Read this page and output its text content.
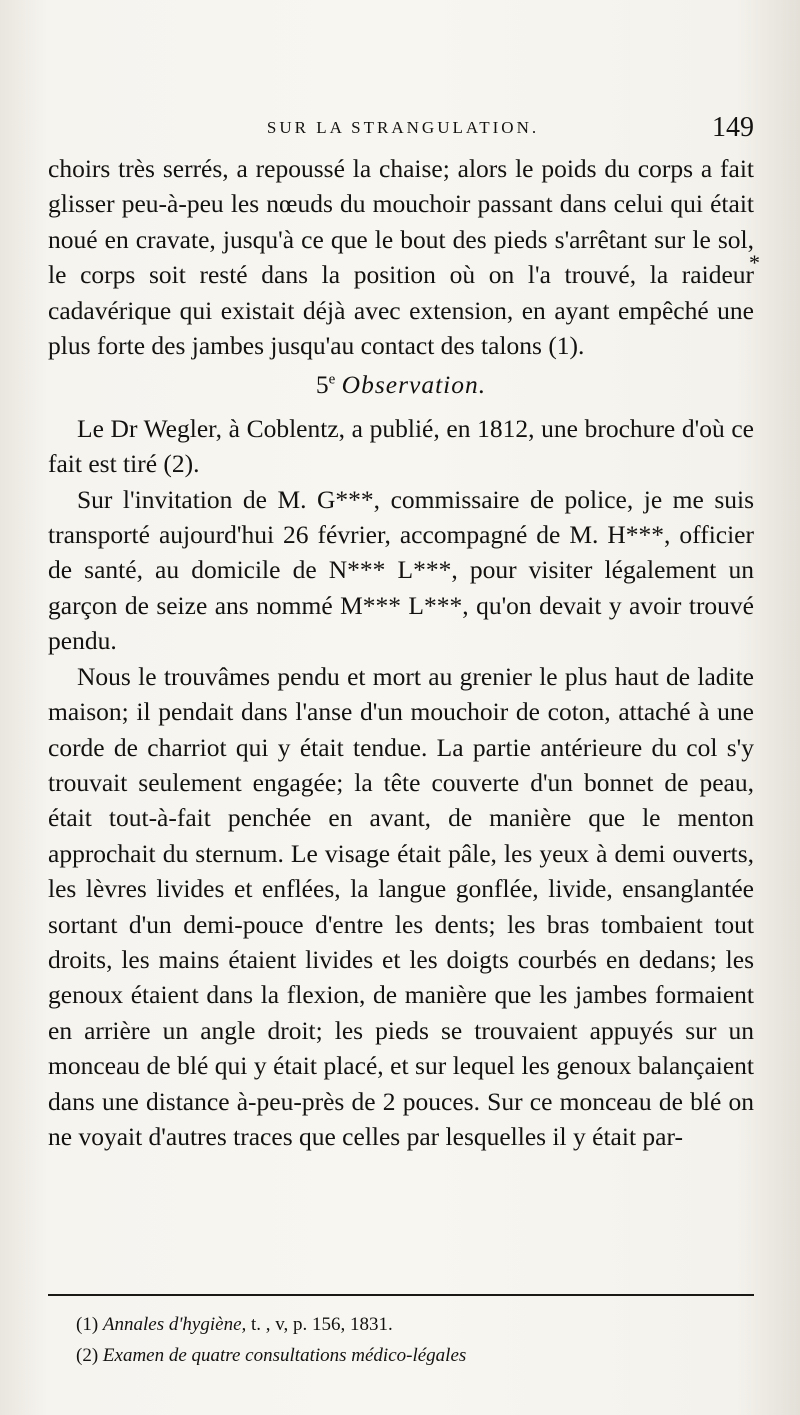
SUR LA STRANGULATION.	149
*

choirs très serrés, a repoussé la chaise; alors le poids du corps a fait glisser peu-à-peu les nœuds du mouchoir passant dans celui qui était noué en cravate, jusqu'à ce que le bout des pieds s'arrêtant sur le sol, le corps soit resté dans la position où on l'a trouvé, la raideur cadavérique qui existait déjà avec extension, en ayant empêché une plus forte des jambes jusqu'au contact des talons (1).

5e Observation.

Le Dr Wegler, à Coblentz, a publié, en 1812, une brochure d'où ce fait est tiré (2).

Sur l'invitation de M. G***, commissaire de police, je me suis transporté aujourd'hui 26 février, accompagné de M. H***, officier de santé, au domicile de N*** L***, pour visiter légalement un garçon de seize ans nommé M*** L***, qu'on devait y avoir trouvé pendu.

Nous le trouvâmes pendu et mort au grenier le plus haut de ladite maison; il pendait dans l'anse d'un mouchoir de coton, attaché à une corde de charriot qui y était tendue. La partie antérieure du col s'y trouvait seulement engagée; la tête couverte d'un bonnet de peau, était tout-à-fait penchée en avant, de manière que le menton approchait du sternum. Le visage était pâle, les yeux à demi ouverts, les lèvres livides et enflées, la langue gonflée, livide, ensanglantée sortant d'un demi-pouce d'entre les dents; les bras tombaient tout droits, les mains étaient livides et les doigts courbés en dedans; les genoux étaient dans la flexion, de manière que les jambes formaient en arrière un angle droit; les pieds se trouvaient appuyés sur un monceau de blé qui y était placé, et sur lequel les genoux balançaient dans une distance à-peu-près de 2 pouces. Sur ce monceau de blé on ne voyait d'autres traces que celles par lesquelles il y était par-

(1) Annales d'hygiène, t. , v, p. 156, 1831.

(2) Examen de quatre consultations médico-légales
